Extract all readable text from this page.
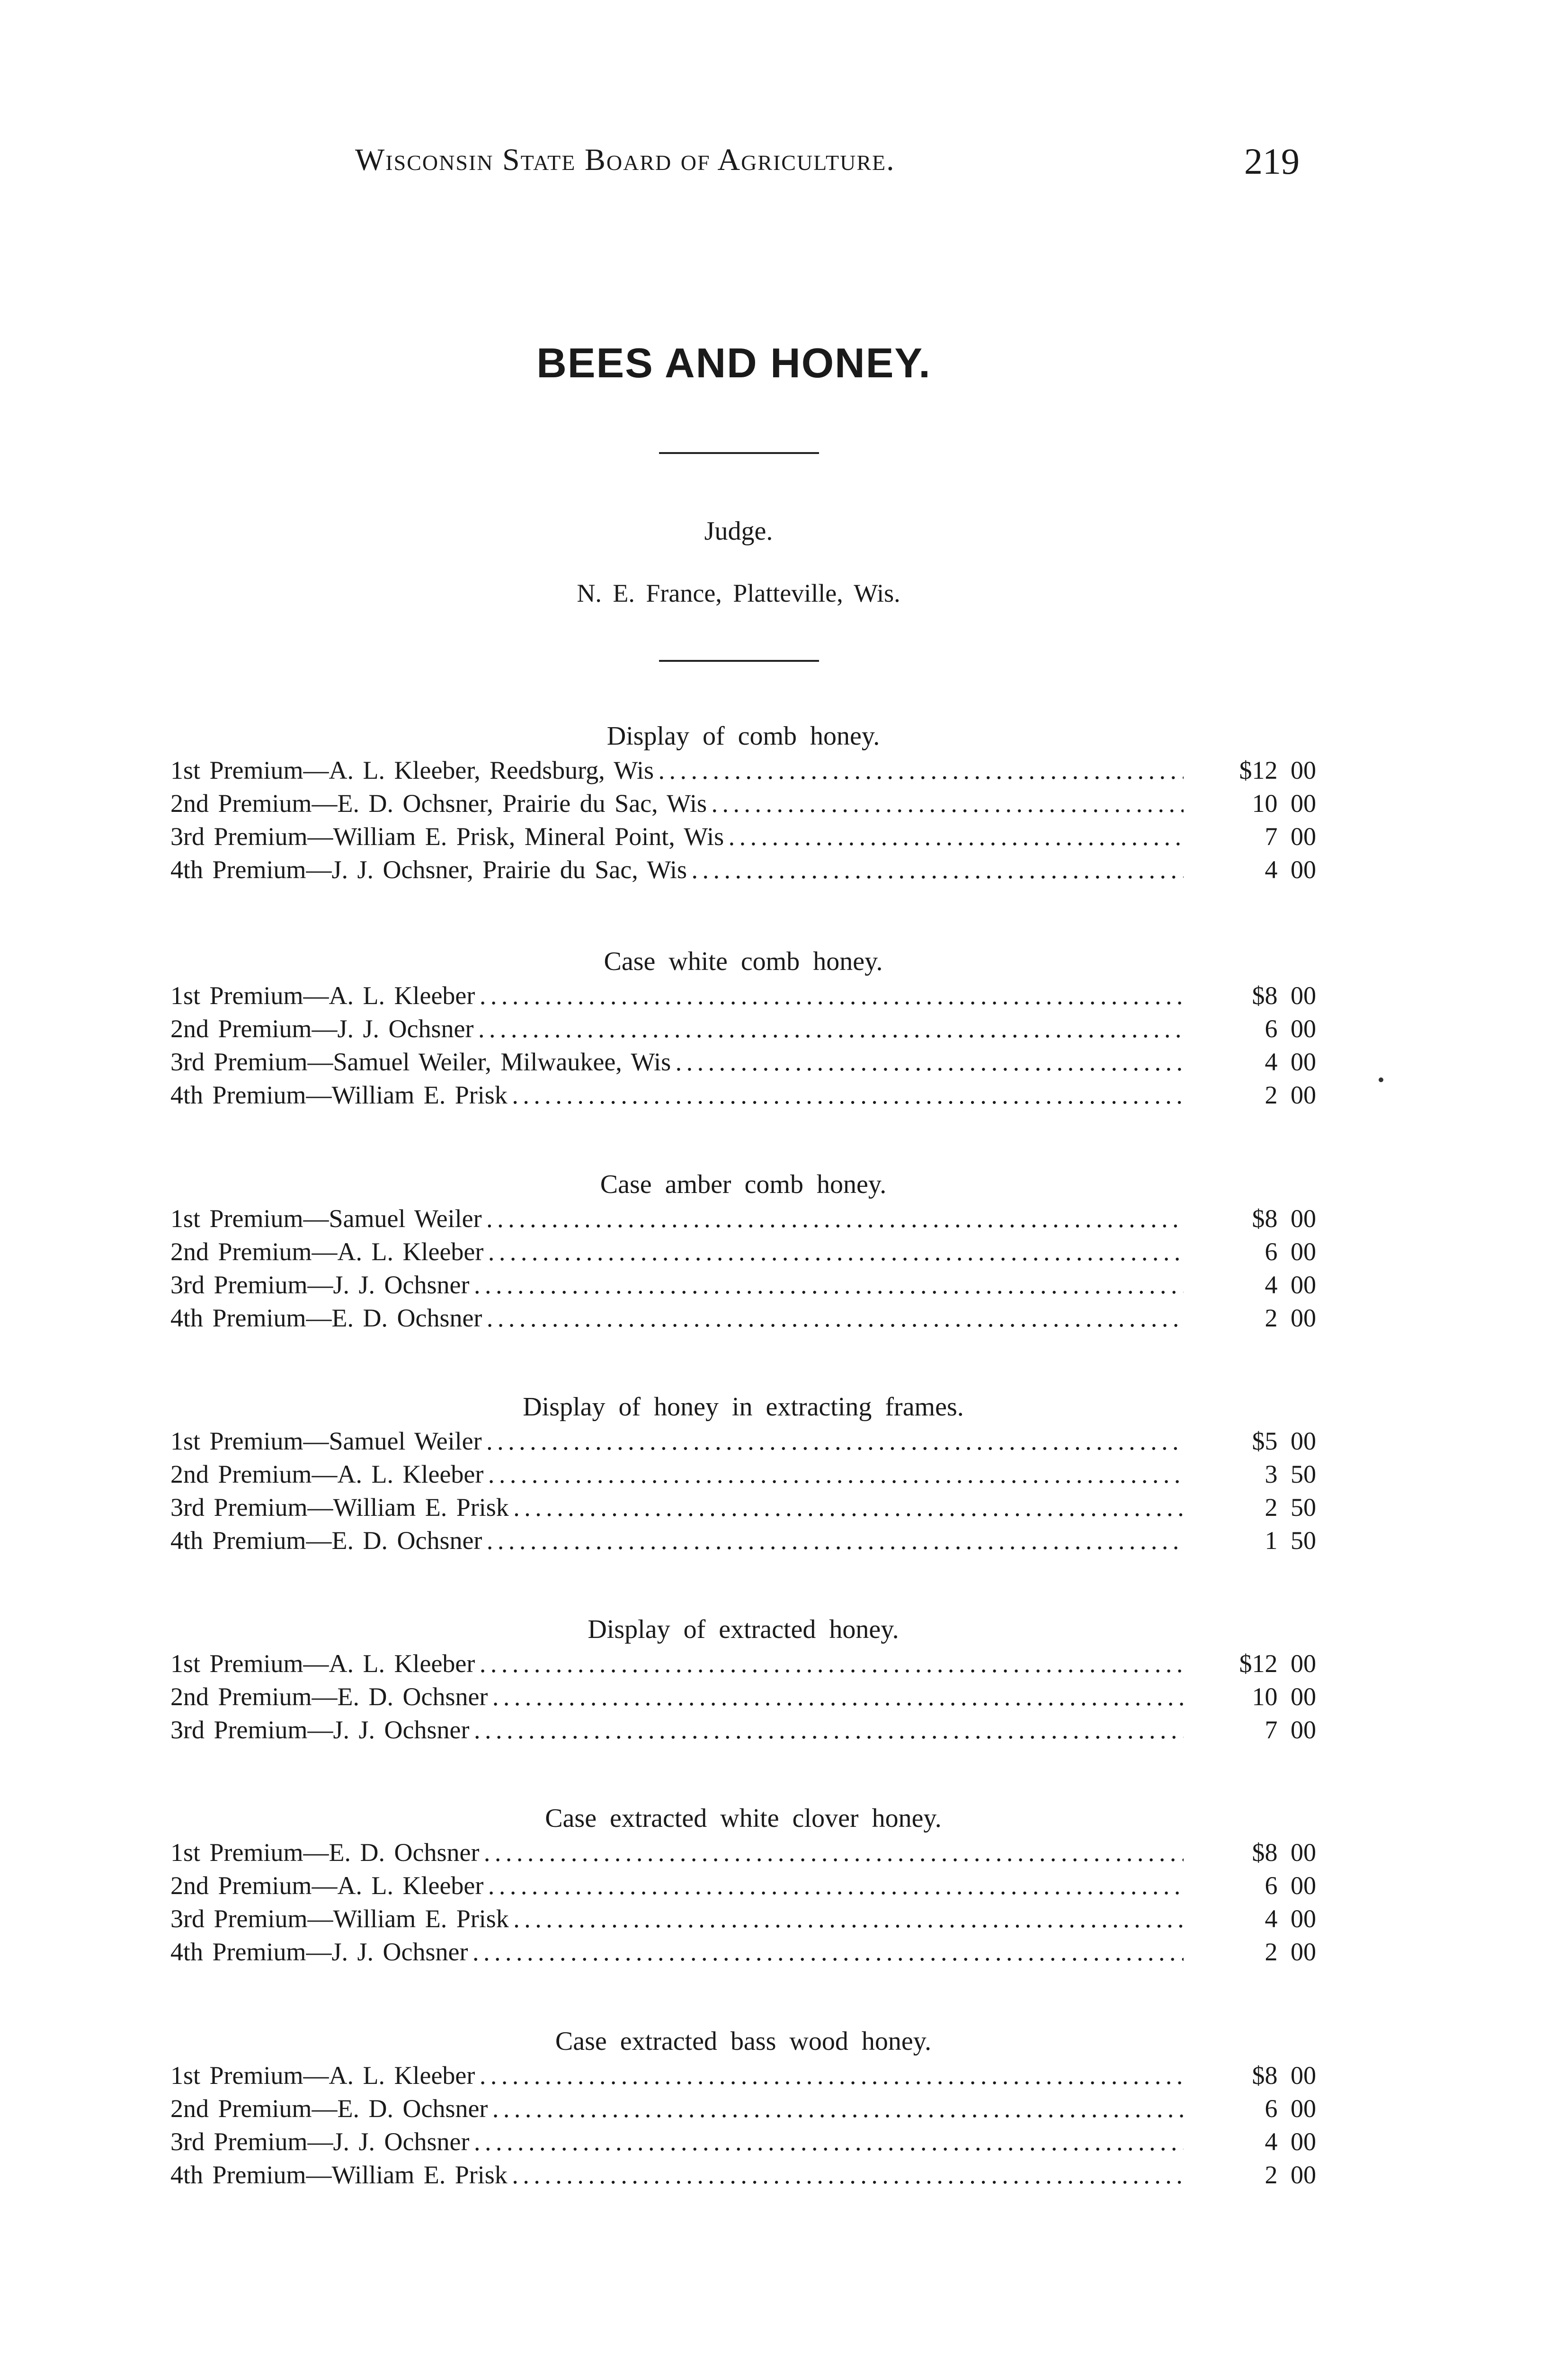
Wisconsin State Board of Agriculture.	219
BEES AND HONEY.
Judge.
N. E. France, Platteville, Wis.
Display of comb honey.
1st Premium—A. L. Kleeber, Reedsburg, Wis . . .	$12 00
2nd Premium—E. D. Ochsner, Prairie du Sac, Wis . . .	10 00
3rd Premium—William E. Prisk, Mineral Point, Wis . . .	7 00
4th Premium—J. J. Ochsner, Prairie du Sac, Wis . . .	4 00
Case white comb honey.
1st Premium—A. L. Kleeber . . .	$8 00
2nd Premium—J. J. Ochsner . . .	6 00
3rd Premium—Samuel Weiler, Milwaukee, Wis . . .	4 00
4th Premium—William E. Prisk . . .	2 00
Case amber comb honey.
1st Premium—Samuel Weiler . . .	$8 00
2nd Premium—A. L. Kleeber . . .	6 00
3rd Premium—J. J. Ochsner . . .	4 00
4th Premium—E. D. Ochsner . . .	2 00
Display of honey in extracting frames.
1st Premium—Samuel Weiler . . .	$5 00
2nd Premium—A. L. Kleeber . . .	3 50
3rd Premium—William E. Prisk . . .	2 50
4th Premium—E. D. Ochsner . . .	1 50
Display of extracted honey.
1st Premium—A. L. Kleeber . . .	$12 00
2nd Premium—E. D. Ochsner . . .	10 00
3rd Premium—J. J. Ochsner . . .	7 00
Case extracted white clover honey.
1st Premium—E. D. Ochsner . . .	$8 00
2nd Premium—A. L. Kleeber . . .	6 00
3rd Premium—William E. Prisk . . .	4 00
4th Premium—J. J. Ochsner . . .	2 00
Case extracted bass wood honey.
1st Premium—A. L. Kleeber . . .	$8 00
2nd Premium—E. D. Ochsner . . .	6 00
3rd Premium—J. J. Ochsner . . .	4 00
4th Premium—William E. Prisk . . .	2 00
